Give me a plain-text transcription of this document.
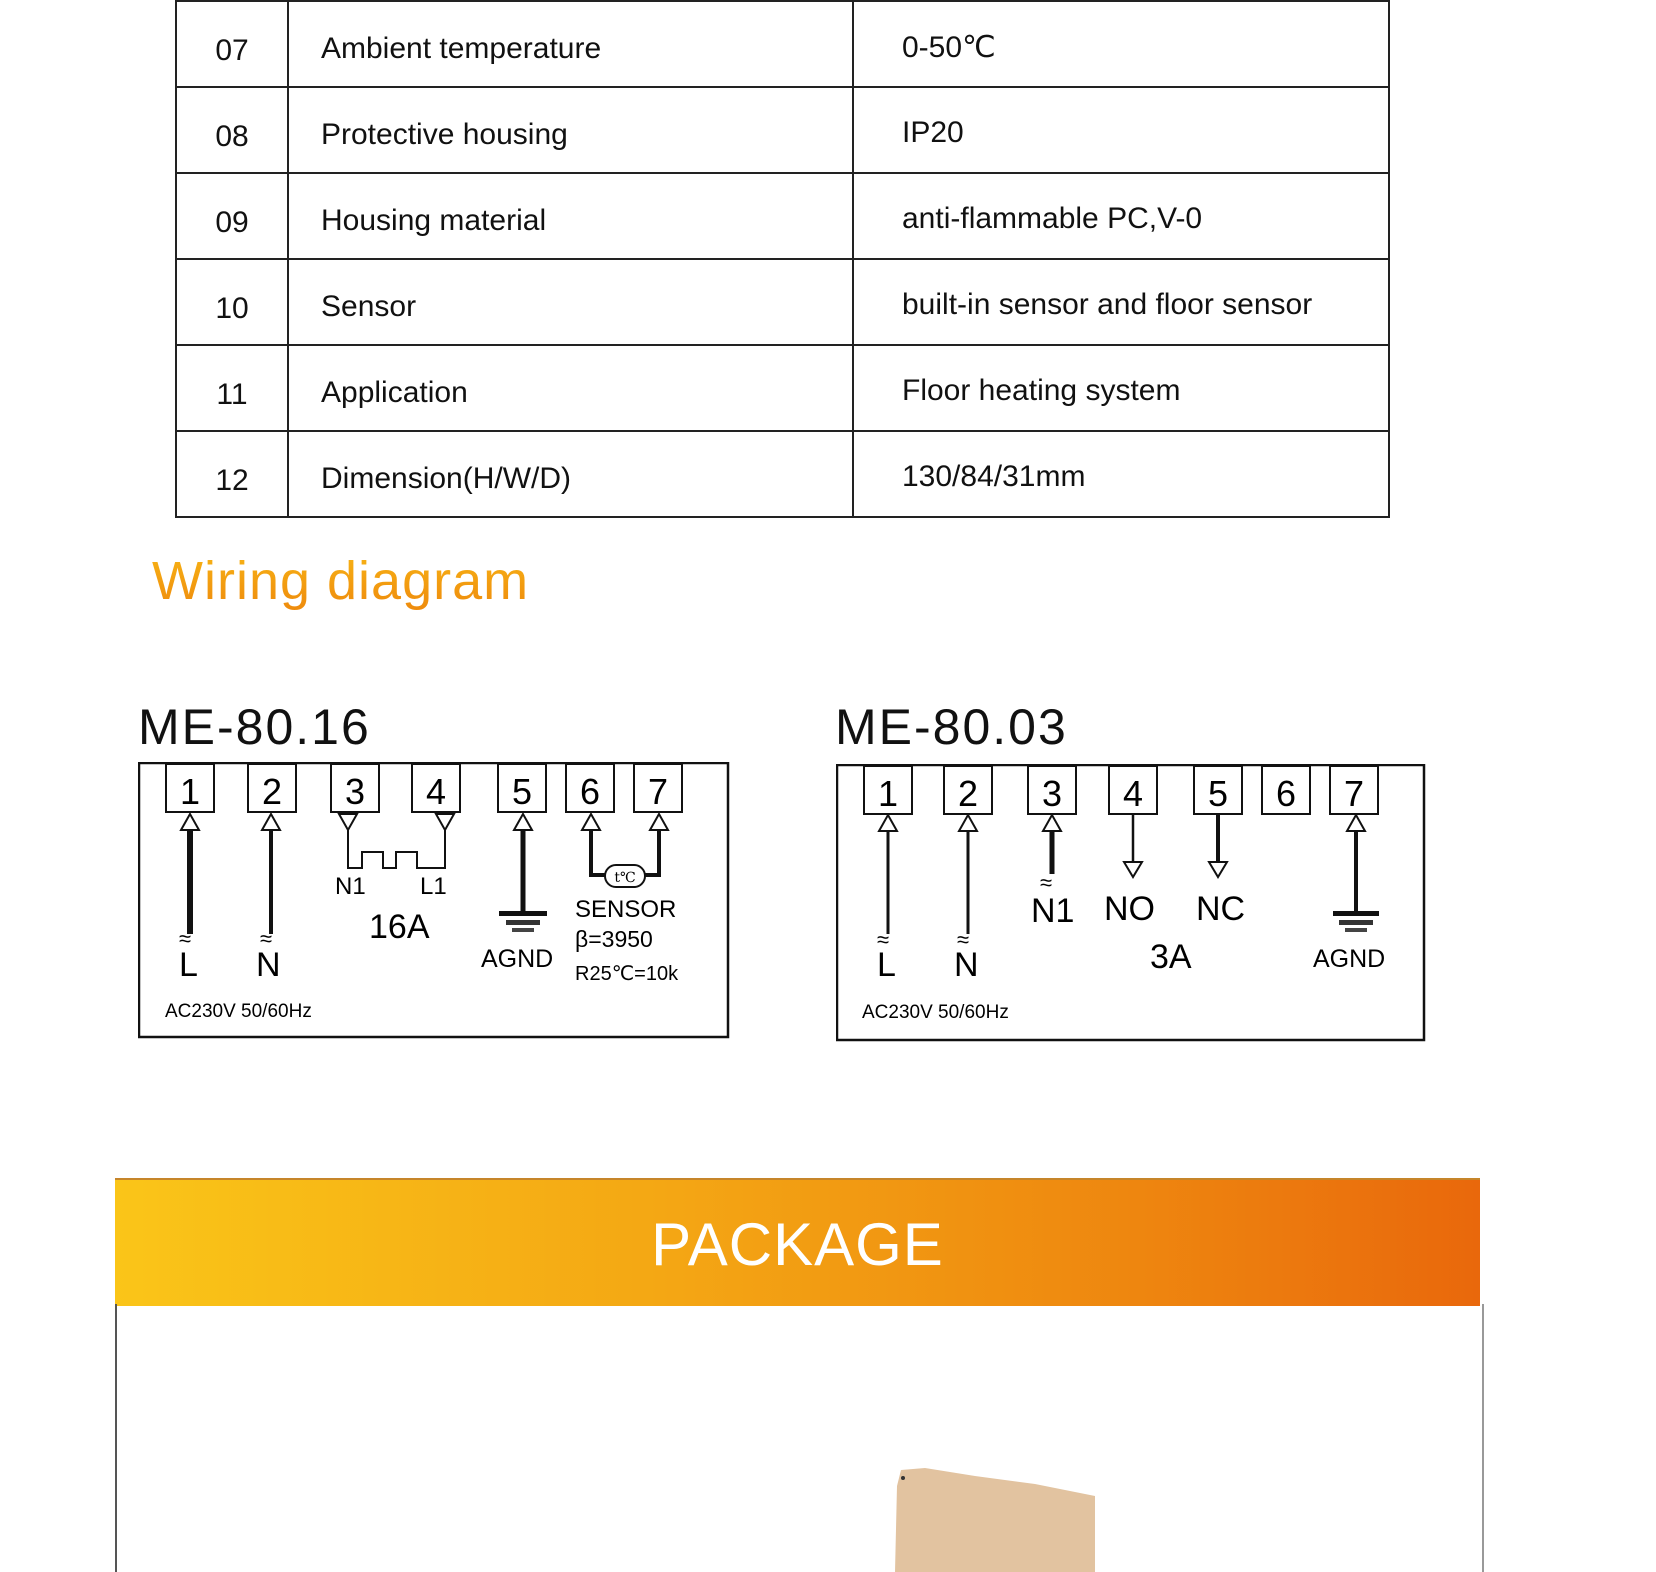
07	Ambient temperature	0-50℃
08	Protective housing	IP20
09	Housing material	anti-flammable PC,V-0
10	Sensor	built-in sensor and floor sensor
11	Application	Floor heating system
12	Dimension(H/W/D)	130/84/31mm
Wiring diagram
ME-80.16	ME-80.03
1 2 3 4 5 6 7
t℃
≈	≈
L N
N1 L1
16A
AGND
SENSOR
β=3950
R25℃=10k
AC230V 50/60Hz
1 2 3 4 5 6 7
≈	≈
≈
L N
N1 NO NC
3A	AGND
AC230V 50/60Hz
PACKAGE
